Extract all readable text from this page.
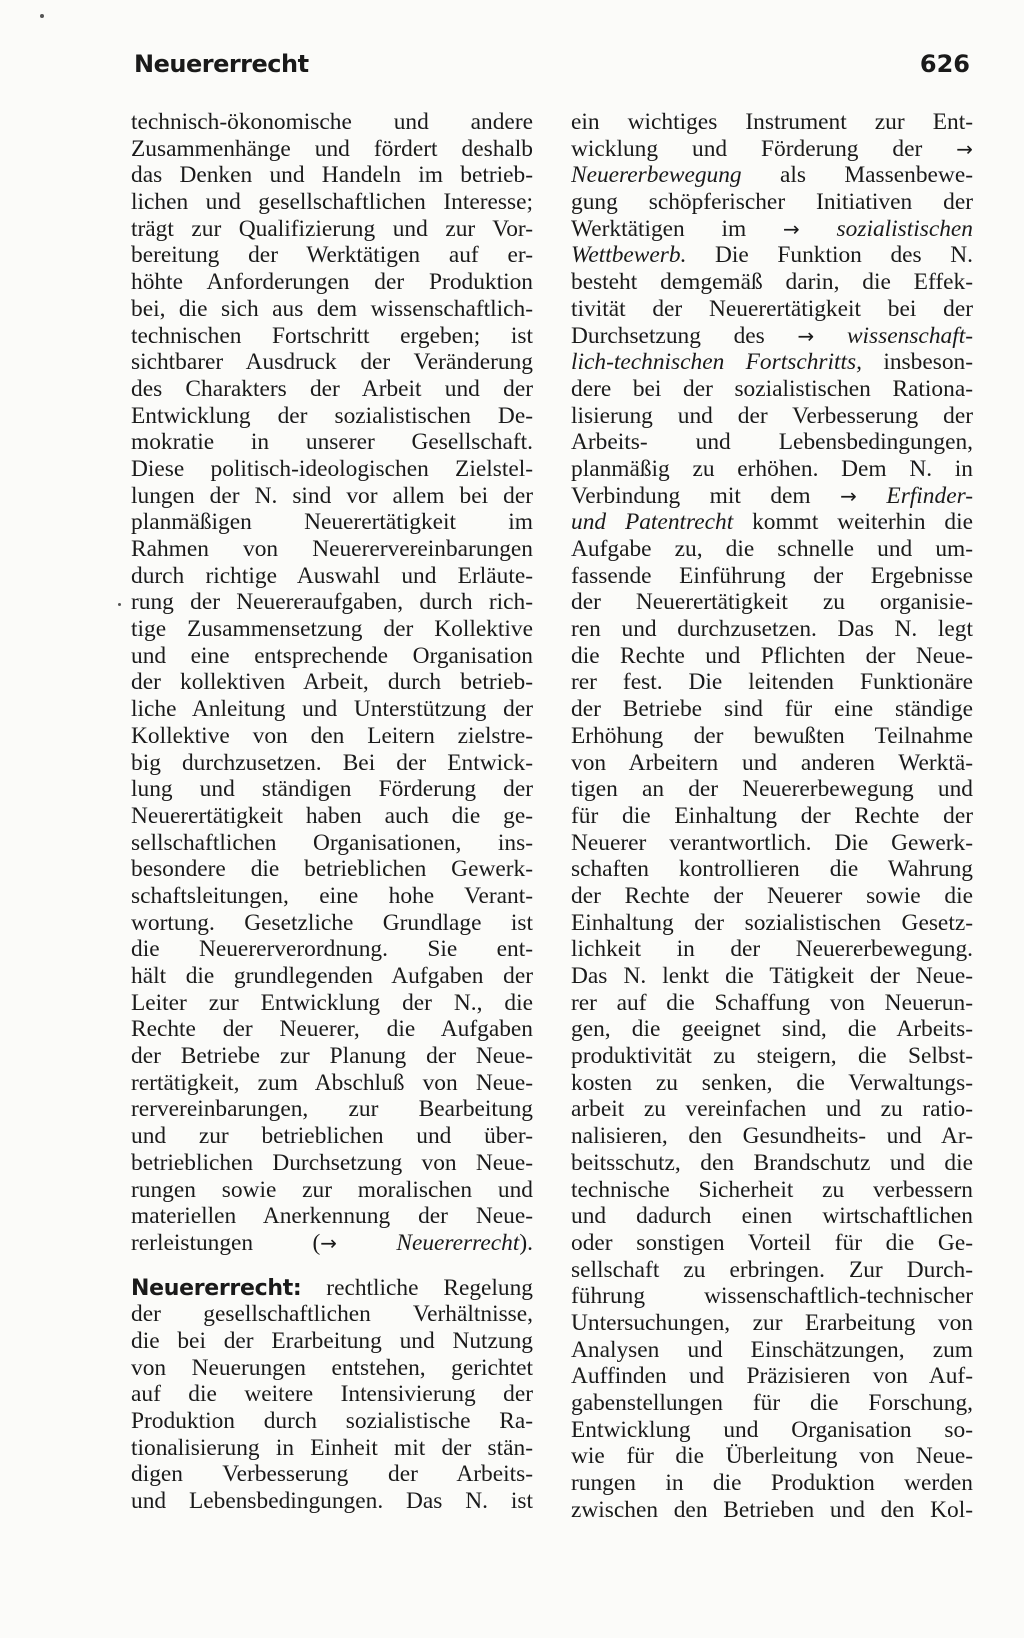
Neuererrecht	626
technisch-ökonomische und andere
Zusammenhänge und fördert deshalb
das Denken und Handeln im betrieb-
lichen und gesellschaftlichen Interesse;
trägt zur Qualifizierung und zur Vor-
bereitung der Werktätigen auf er-
höhte Anforderungen der Produktion
bei, die sich aus dem wissenschaftlich-
technischen Fortschritt ergeben; ist
sichtbarer Ausdruck der Veränderung
des Charakters der Arbeit und der
Entwicklung der sozialistischen De-
mokratie in unserer Gesellschaft.
Diese politisch-ideologischen Zielstel-
lungen der N. sind vor allem bei der
planmäßigen Neuerertätigkeit im
Rahmen von Neuerervereinbarungen
durch richtige Auswahl und Erläute-
rung der Neuereraufgaben, durch rich-
tige Zusammensetzung der Kollektive
und eine entsprechende Organisation
der kollektiven Arbeit, durch betrieb-
liche Anleitung und Unterstützung der
Kollektive von den Leitern zielstre-
big durchzusetzen. Bei der Entwick-
lung und ständigen Förderung der
Neuerertätigkeit haben auch die ge-
sellschaftlichen Organisationen, ins-
besondere die betrieblichen Gewerk-
schaftsleitungen, eine hohe Verant-
wortung. Gesetzliche Grundlage ist
die Neuererverordnung. Sie ent-
hält die grundlegenden Aufgaben der
Leiter zur Entwicklung der N., die
Rechte der Neuerer, die Aufgaben
der Betriebe zur Planung der Neue-
rertätigkeit, zum Abschluß von Neue-
rervereinbarungen, zur Bearbeitung
und zur betrieblichen und über-
betrieblichen Durchsetzung von Neue-
rungen sowie zur moralischen und
materiellen Anerkennung der Neue-
rerleistungen (→ Neuererrecht).
Neuererrecht: rechtliche Regelung
der gesellschaftlichen Verhältnisse,
die bei der Erarbeitung und Nutzung
von Neuerungen entstehen, gerichtet
auf die weitere Intensivierung der
Produktion durch sozialistische Ra-
tionalisierung in Einheit mit der stän-
digen Verbesserung der Arbeits-
und Lebensbedingungen. Das N. ist
ein wichtiges Instrument zur Ent-
wicklung und Förderung der →
Neuererbewegung als Massenbewe-
gung schöpferischer Initiativen der
Werktätigen im → sozialistischen
Wettbewerb. Die Funktion des N.
besteht demgemäß darin, die Effek-
tivität der Neuerertätigkeit bei der
Durchsetzung des → wissenschaft-
lich-technischen Fortschritts, insbeson-
dere bei der sozialistischen Rationa-
lisierung und der Verbesserung der
Arbeits- und Lebensbedingungen,
planmäßig zu erhöhen. Dem N. in
Verbindung mit dem → Erfinder-
und Patentrecht kommt weiterhin die
Aufgabe zu, die schnelle und um-
fassende Einführung der Ergebnisse
der Neuerertätigkeit zu organisie-
ren und durchzusetzen. Das N. legt
die Rechte und Pflichten der Neue-
rer fest. Die leitenden Funktionäre
der Betriebe sind für eine ständige
Erhöhung der bewußten Teilnahme
von Arbeitern und anderen Werktä-
tigen an der Neuererbewegung und
für die Einhaltung der Rechte der
Neuerer verantwortlich. Die Gewerk-
schaften kontrollieren die Wahrung
der Rechte der Neuerer sowie die
Einhaltung der sozialistischen Gesetz-
lichkeit in der Neuererbewegung.
Das N. lenkt die Tätigkeit der Neue-
rer auf die Schaffung von Neuerun-
gen, die geeignet sind, die Arbeits-
produktivität zu steigern, die Selbst-
kosten zu senken, die Verwaltungs-
arbeit zu vereinfachen und zu ratio-
nalisieren, den Gesundheits- und Ar-
beitsschutz, den Brandschutz und die
technische Sicherheit zu verbessern
und dadurch einen wirtschaftlichen
oder sonstigen Vorteil für die Ge-
sellschaft zu erbringen. Zur Durch-
führung wissenschaftlich-technischer
Untersuchungen, zur Erarbeitung von
Analysen und Einschätzungen, zum
Auffinden und Präzisieren von Auf-
gabenstellungen für die Forschung,
Entwicklung und Organisation so-
wie für die Überleitung von Neue-
rungen in die Produktion werden
zwischen den Betrieben und den Kol-
